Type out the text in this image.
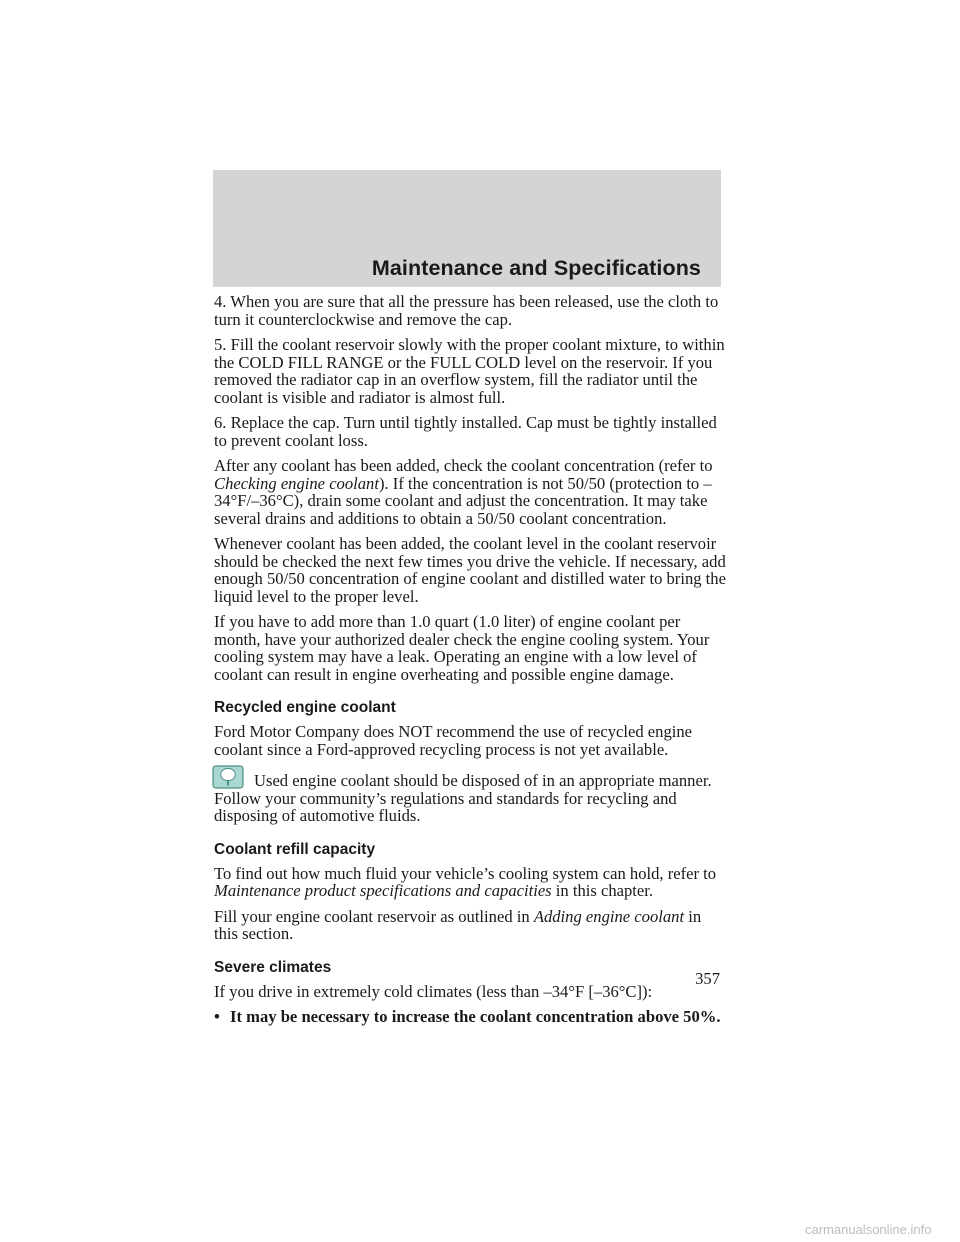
Maintenance and Specifications

4. When you are sure that all the pressure has been released, use the cloth to turn it counterclockwise and remove the cap.

5. Fill the coolant reservoir slowly with the proper coolant mixture, to within the COLD FILL RANGE or the FULL COLD level on the reservoir. If you removed the radiator cap in an overflow system, fill the radiator until the coolant is visible and radiator is almost full.

6. Replace the cap. Turn until tightly installed. Cap must be tightly installed to prevent coolant loss.

After any coolant has been added, check the coolant concentration (refer to Checking engine coolant). If the concentration is not 50/50 (protection to –34°F/–36°C), drain some coolant and adjust the concentration. It may take several drains and additions to obtain a 50/50 coolant concentration.

Whenever coolant has been added, the coolant level in the coolant reservoir should be checked the next few times you drive the vehicle. If necessary, add enough 50/50 concentration of engine coolant and distilled water to bring the liquid level to the proper level.

If you have to add more than 1.0 quart (1.0 liter) of engine coolant per month, have your authorized dealer check the engine cooling system. Your cooling system may have a leak. Operating an engine with a low level of coolant can result in engine overheating and possible engine damage.

Recycled engine coolant

Ford Motor Company does NOT recommend the use of recycled engine coolant since a Ford-approved recycling process is not yet available.

Used engine coolant should be disposed of in an appropriate manner. Follow your community’s regulations and standards for recycling and disposing of automotive fluids.

Coolant refill capacity

To find out how much fluid your vehicle’s cooling system can hold, refer to Maintenance product specifications and capacities in this chapter.

Fill your engine coolant reservoir as outlined in Adding engine coolant in this section.

Severe climates

If you drive in extremely cold climates (less than –34°F [–36°C]):

• It may be necessary to increase the coolant concentration above 50%.
357
carmanualsonline.info
